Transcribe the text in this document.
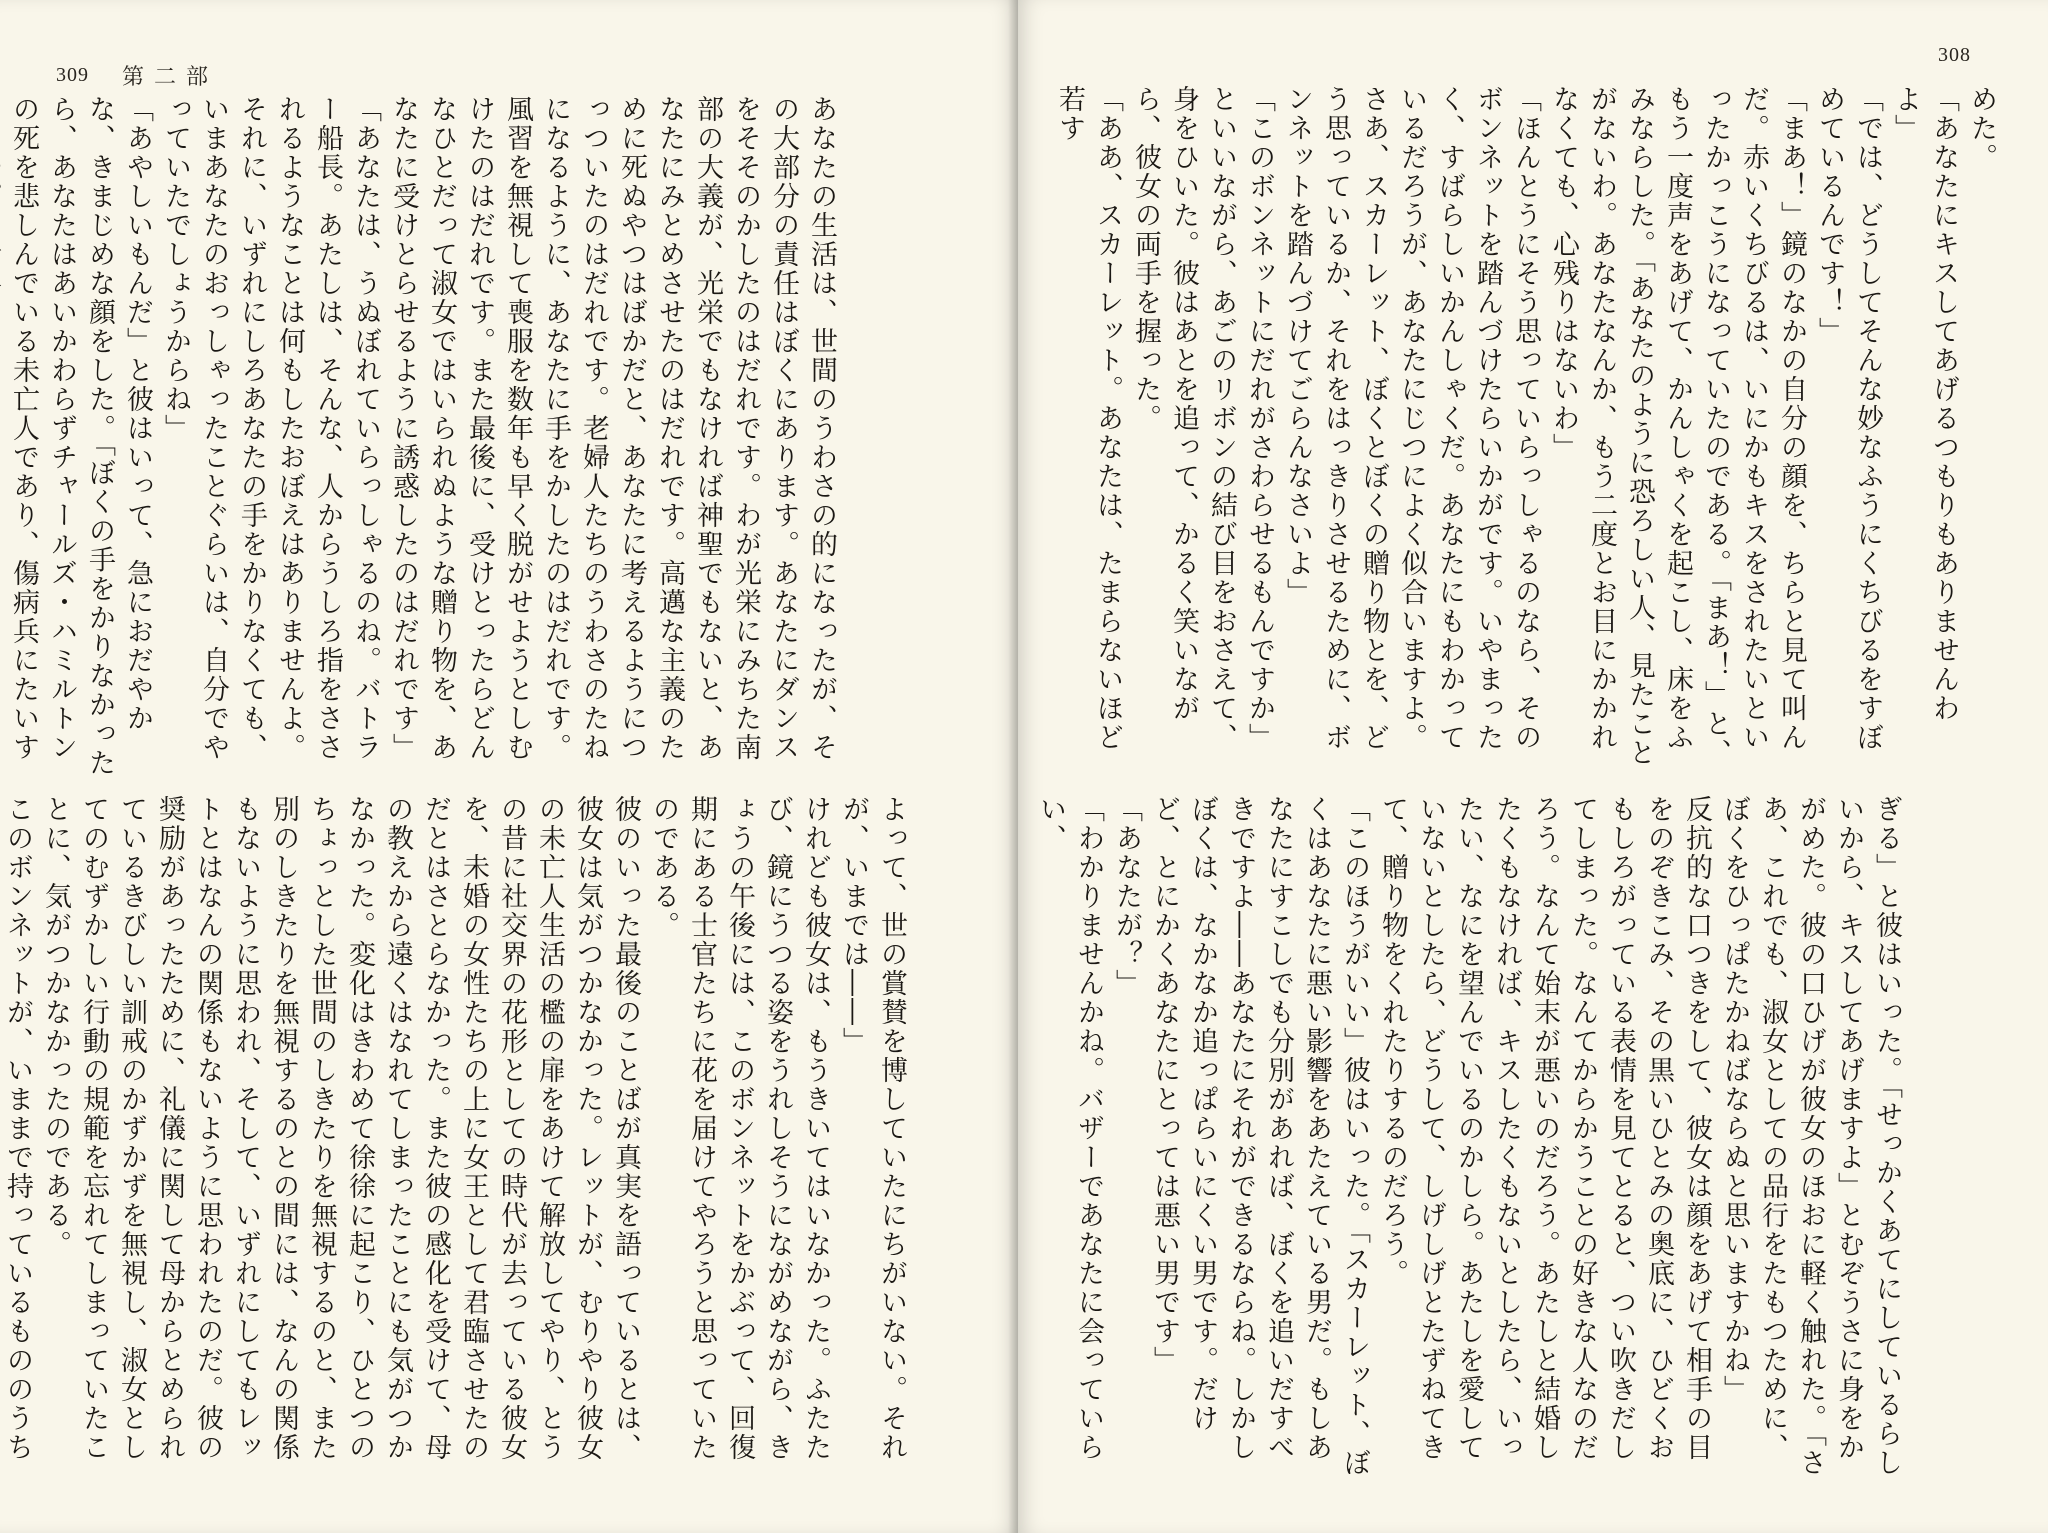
309 第二部

あなたの生活は、世間のうわさの的になったが、その大部分の責任はぼくにあります。あなたにダンスをそそのかしたのはだれです。わが光栄にみちた南部の大義が、光栄でもなければ神聖でもないと、あなたにみとめさせたのはだれです。高邁な主義のために死ぬやつはばかだと、あなたに考えるようにつっついたのはだれです。老婦人たちのうわさのたねになるように、あなたに手をかしたのはだれです。風習を無視して喪服を数年も早く脱がせようとしむけたのはだれです。また最後に、受けとったらどんなひとだって淑女ではいられぬような贈り物を、あなたに受けとらせるように誘惑したのはだれです」
「あなたは、うぬぼれていらっしゃるのね。バトラー船長。あたしは、そんな、人からうしろ指をさされるようなことは何もしたおぼえはありませんよ。それに、いずれにしろあなたの手をかりなくても、いまあなたのおっしゃったことぐらいは、自分でやっていたでしょうからね」
「あやしいもんだ」と彼はいって、急におだやかな、きまじめな顔をした。「ぼくの手をかりなかったら、あなたはあいかわらずチャールズ・ハミルトンの死を悲しんでいる未亡人であり、傷病兵にたいす

よって、世の賞賛を博していたにちがいない。それが、いまでは――」
けれども彼女は、もうきいてはいなかった。ふたたび、鏡にうつる姿をうれしそうにながめながら、きょうの午後には、このボンネットをかぶって、回復期にある士官たちに花を届けてやろうと思っていたのである。
彼のいった最後のことばが真実を語っているとは、彼女は気がつかなかった。レットが、むりやり彼女の未亡人生活の檻の扉をあけて解放してやり、とうの昔に社交界の花形としての時代が去っている彼女を、未婚の女性たちの上に女王として君臨させたのだとはさとらなかった。また彼の感化を受けて、母の教えから遠くはなれてしまったことにも気がつかなかった。変化はきわめて徐徐に起こり、ひとつのちょっとした世間のしきたりを無視するのと、また別のしきたりを無視するのとの間には、なんの関係もないように思われ、そして、いずれにしてもレットとはなんの関係もないように思われたのだ。彼の奨励があったために、礼儀に関して母からとめられているきびしい訓戒のかずかずを無視し、淑女としてのむずかしい行動の規範を忘れてしまっていたことに、気がつかなかったのである。
このボンネットが、いままで持っているもののうち

308

めた。
「あなたにキスしてあげるつもりもありませんわよ」
「では、どうしてそんな妙なふうにくちびるをすぼめているんです！」
「まあ！」鏡のなかの自分の顔を、ちらと見て叫んだ。赤いくちびるは、いにかもキスをされたいといったかっこうになっていたのである。「まあ！」と、もう一度声をあげて、かんしゃくを起こし、床をふみならした。「あなたのように恐ろしい人、見たことがないわ。あなたなんか、もう二度とお目にかかれなくても、心残りはないわ」
「ほんとうにそう思っていらっしゃるのなら、そのボンネットを踏んづけたらいかがです。いやまったく、すばらしいかんしゃくだ。あなたにもわかっているだろうが、あなたにじつによく似合いますよ。さあ、スカーレット、ぼくとぼくの贈り物とを、どう思っているか、それをはっきりさせるために、ボンネットを踏んづけてごらんなさいよ」
「このボンネットにだれがさわらせるもんですか」といいながら、あごのリボンの結び目をおさえて、身をひいた。彼はあとを追って、かるく笑いながら、彼女の両手を握った。
「ああ、スカーレット。あなたは、たまらないほど若す

ぎる」と彼はいった。「せっかくあてにしているらしいから、キスしてあげますよ」とむぞうさに身をかがめた。彼の口ひげが彼女のほおに軽く触れた。「さあ、これでも、淑女としての品行をたもつために、ぼくをひっぱたかねばならぬと思いますかね」
反抗的な口つきをして、彼女は顔をあげて相手の目をのぞきこみ、その黒いひとみの奥底に、ひどくおもしろがっている表情を見てとると、つい吹きだしてしまった。なんてからかうことの好きな人なのだろう。なんて始末が悪いのだろう。あたしと結婚したくもなければ、キスしたくもないとしたら、いったい、なにを望んでいるのかしら。あたしを愛していないとしたら、どうして、しげしげとたずねてきて、贈り物をくれたりするのだろう。
「このほうがいい」彼はいった。「スカーレット、ぼくはあなたに悪い影響をあたえている男だ。もしあなたにすこしでも分別があれば、ぼくを追いだすべきですよ――あなたにそれができるならね。しかしぼくは、なかなか追っぱらいにくい男です。だけど、とにかくあなたにとっては悪い男です」
「あなたが？」
「わかりませんかね。バザーであなたに会っていらい、
